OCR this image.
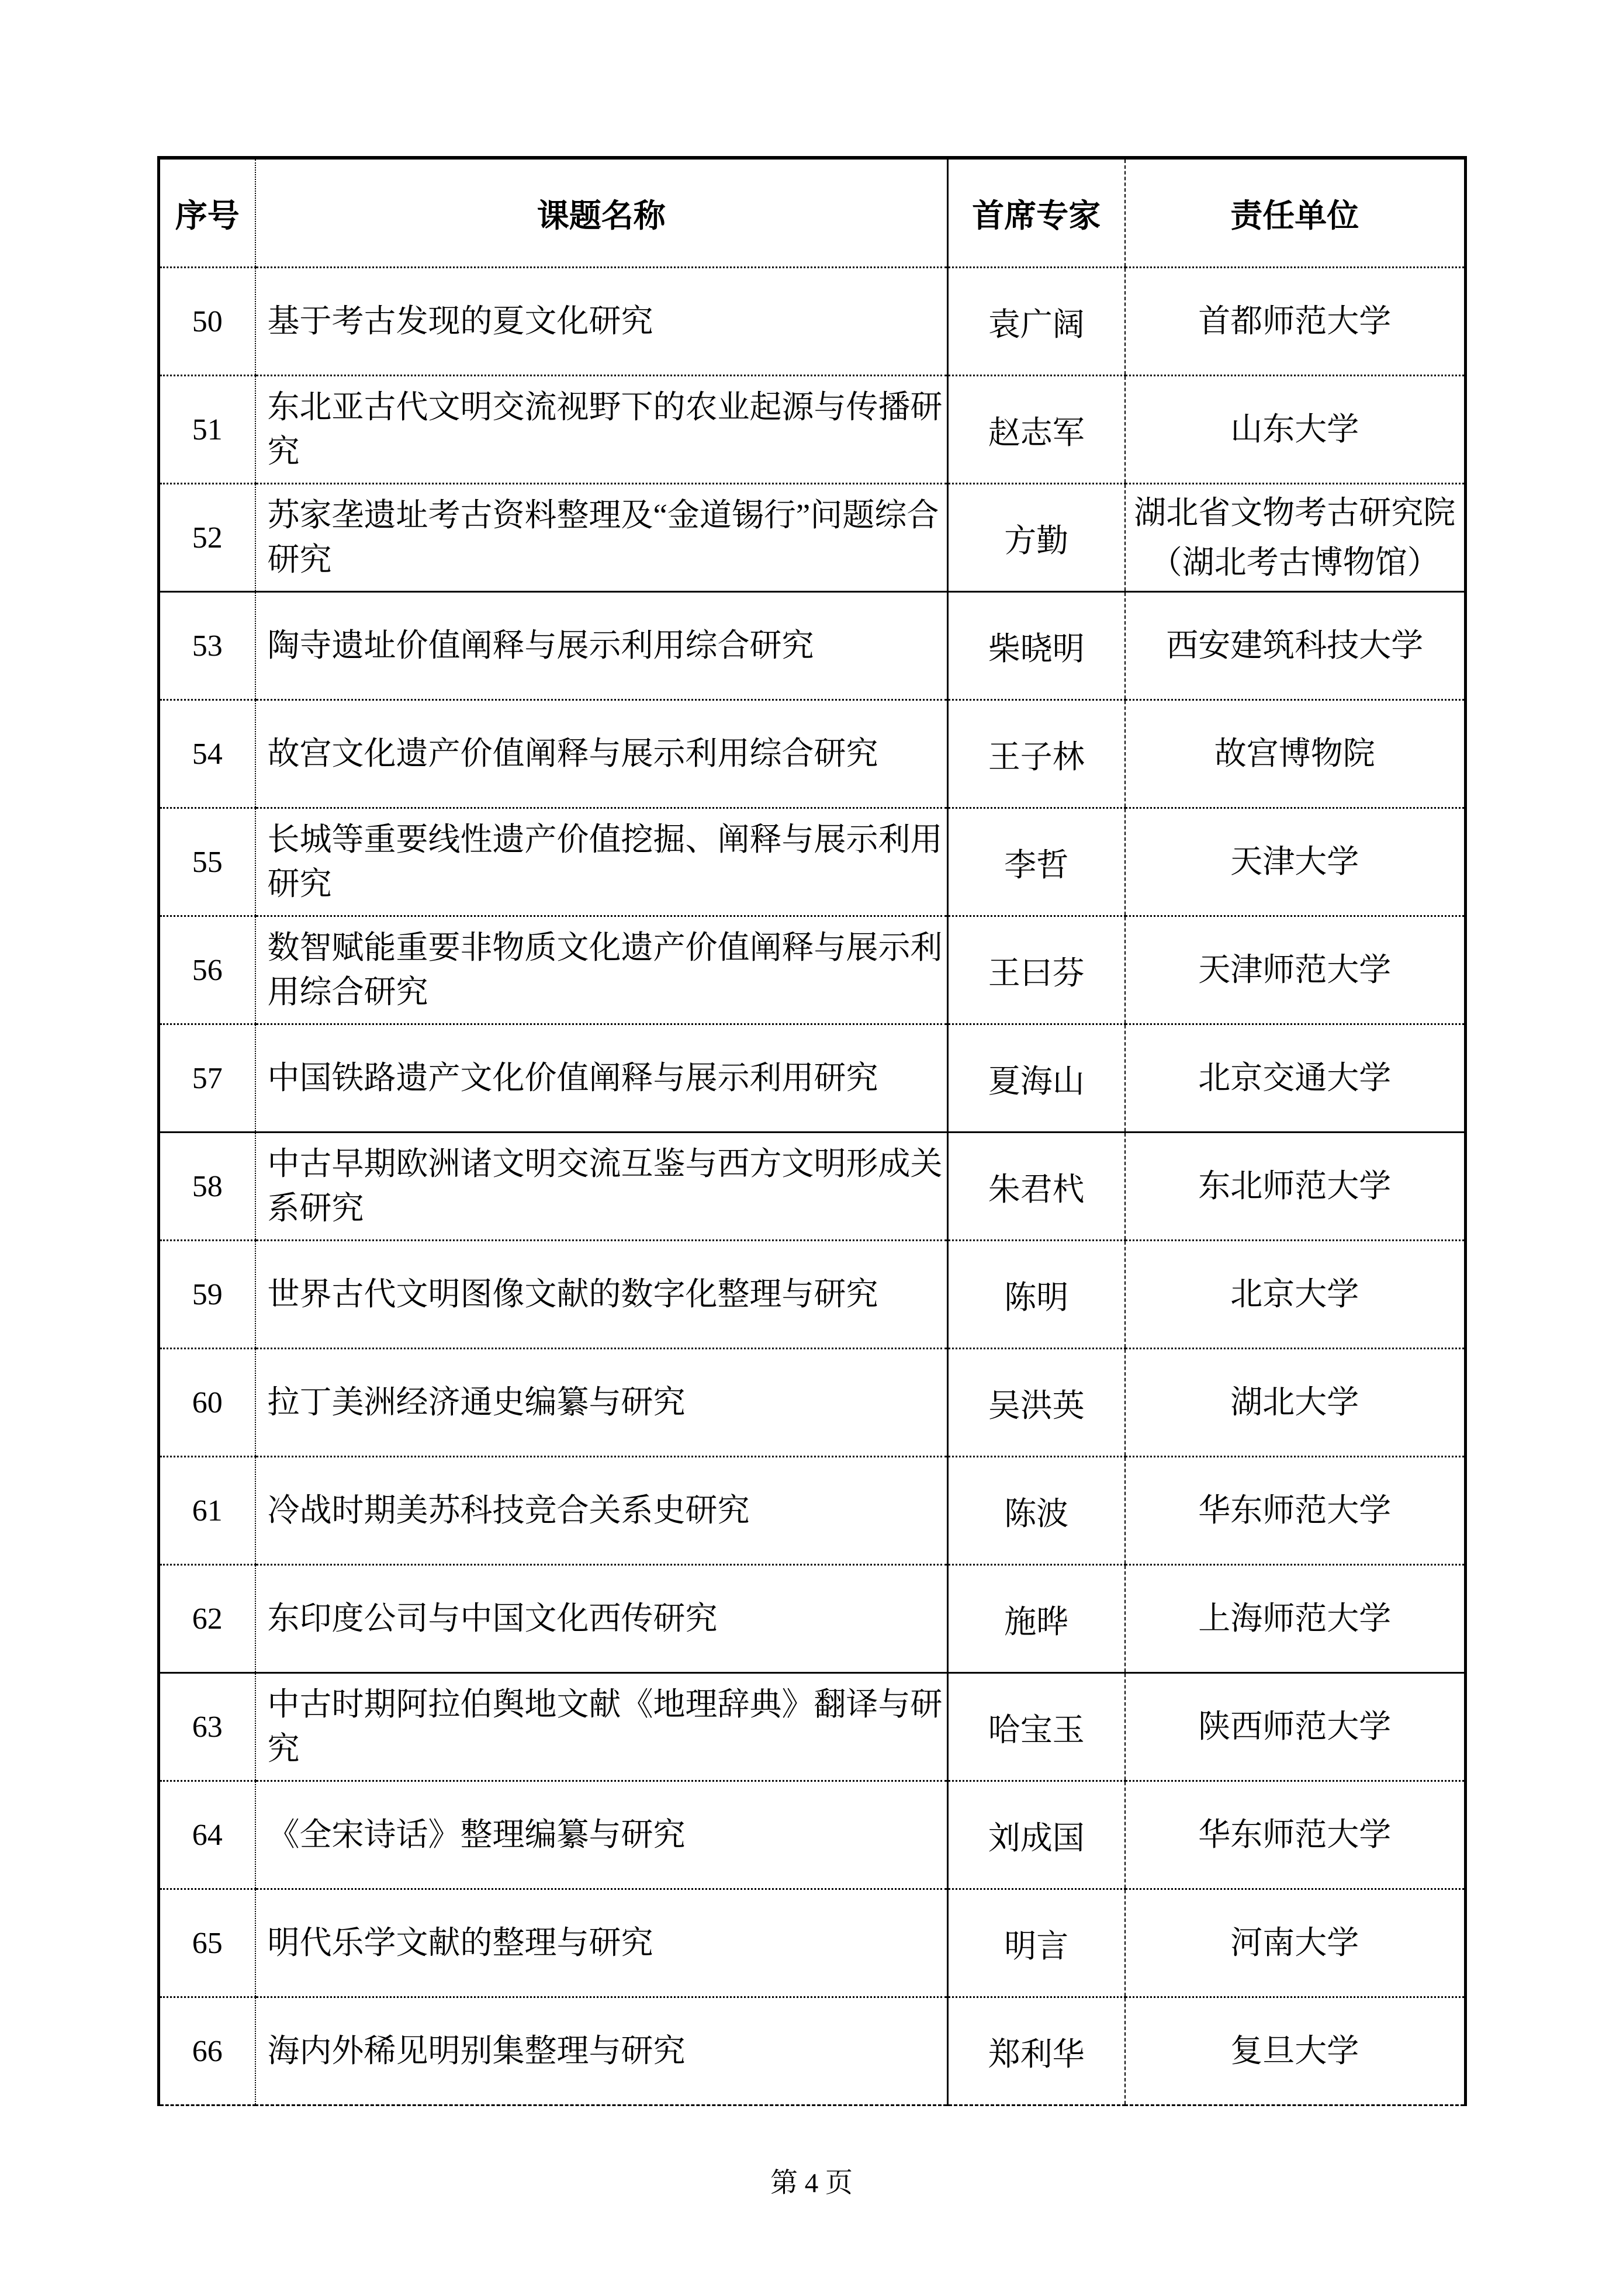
序号	课题名称	首席专家	责任单位
50	基于考古发现的夏文化研究	袁广阔	首都师范大学
51	东北亚古代文明交流视野下的农业起源与传播研究	赵志军	山东大学
52	苏家垄遗址考古资料整理及“金道锡行”问题综合研究	方勤	湖北省文物考古研究院（湖北考古博物馆）
53	陶寺遗址价值阐释与展示利用综合研究	柴晓明	西安建筑科技大学
54	故宫文化遗产价值阐释与展示利用综合研究	王子林	故宫博物院
55	长城等重要线性遗产价值挖掘、阐释与展示利用研究	李哲	天津大学
56	数智赋能重要非物质文化遗产价值阐释与展示利用综合研究	王曰芬	天津师范大学
57	中国铁路遗产文化价值阐释与展示利用研究	夏海山	北京交通大学
58	中古早期欧洲诸文明交流互鉴与西方文明形成关系研究	朱君杙	东北师范大学
59	世界古代文明图像文献的数字化整理与研究	陈明	北京大学
60	拉丁美洲经济通史编纂与研究	吴洪英	湖北大学
61	冷战时期美苏科技竞合关系史研究	陈波	华东师范大学
62	东印度公司与中国文化西传研究	施晔	上海师范大学
63	中古时期阿拉伯舆地文献《地理辞典》翻译与研究	哈宝玉	陕西师范大学
64	《全宋诗话》整理编纂与研究	刘成国	华东师范大学
65	明代乐学文献的整理与研究	明言	河南大学
66	海内外稀见明别集整理与研究	郑利华	复旦大学
第 4 页
